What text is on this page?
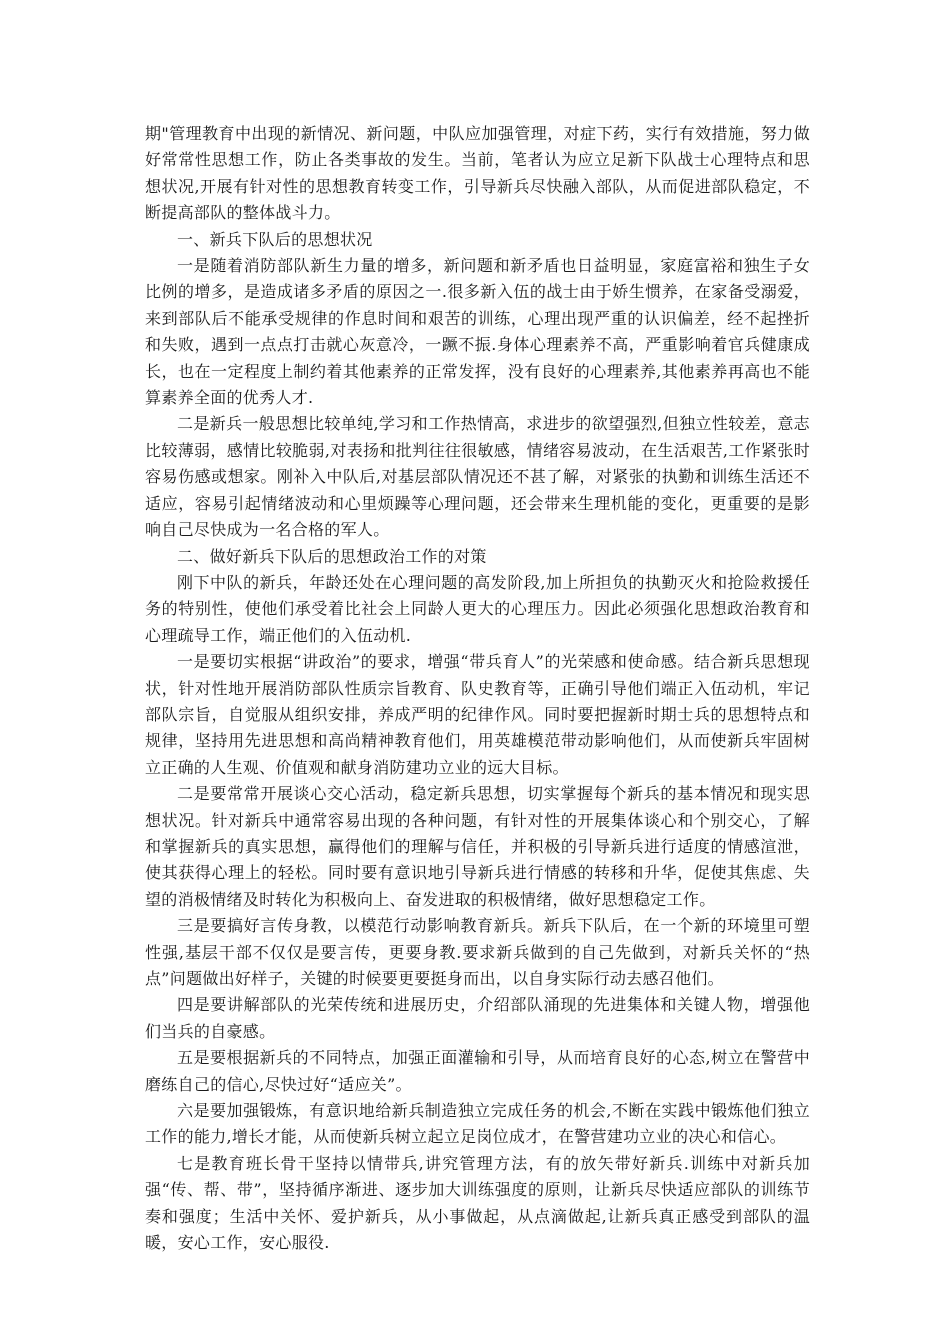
期"管理教育中出现的新情况、新问题，中队应加强管理，对症下药，实行有效措施，努力做好常常性思想工作，防止各类事故的发生。当前，笔者认为应立足新下队战士心理特点和思想状况,开展有针对性的思想教育转变工作，引导新兵尽快融入部队，从而促进部队稳定，不断提高部队的整体战斗力。

一、新兵下队后的思想状况

一是随着消防部队新生力量的增多，新问题和新矛盾也日益明显，家庭富裕和独生子女比例的增多，是造成诸多矛盾的原因之一.很多新入伍的战士由于娇生惯养，在家备受溺爱，来到部队后不能承受规律的作息时间和艰苦的训练，心理出现严重的认识偏差，经不起挫折和失败，遇到一点点打击就心灰意冷，一蹶不振.身体心理素养不高，严重影响着官兵健康成长，也在一定程度上制约着其他素养的正常发挥，没有良好的心理素养,其他素养再高也不能算素养全面的优秀人才.

二是新兵一般思想比较单纯,学习和工作热情高，求进步的欲望强烈,但独立性较差，意志比较薄弱，感情比较脆弱,对表扬和批判往往很敏感，情绪容易波动，在生活艰苦,工作紧张时容易伤感或想家。刚补入中队后,对基层部队情况还不甚了解，对紧张的执勤和训练生活还不适应，容易引起情绪波动和心里烦躁等心理问题，还会带来生理机能的变化，更重要的是影响自己尽快成为一名合格的军人。

二、做好新兵下队后的思想政治工作的对策

刚下中队的新兵，年龄还处在心理问题的高发阶段,加上所担负的执勤灭火和抢险救援任务的特别性，使他们承受着比社会上同龄人更大的心理压力。因此必须强化思想政治教育和心理疏导工作，端正他们的入伍动机.

一是要切实根据“讲政治”的要求，增强“带兵育人”的光荣感和使命感。结合新兵思想现状，针对性地开展消防部队性质宗旨教育、队史教育等，正确引导他们端正入伍动机，牢记部队宗旨，自觉服从组织安排，养成严明的纪律作风。同时要把握新时期士兵的思想特点和规律，坚持用先进思想和高尚精神教育他们，用英雄模范带动影响他们，从而使新兵牢固树立正确的人生观、价值观和献身消防建功立业的远大目标。

二是要常常开展谈心交心活动，稳定新兵思想，切实掌握每个新兵的基本情况和现实思想状况。针对新兵中通常容易出现的各种问题，有针对性的开展集体谈心和个别交心，了解和掌握新兵的真实思想，赢得他们的理解与信任，并积极的引导新兵进行适度的情感渲泄，使其获得心理上的轻松。同时要有意识地引导新兵进行情感的转移和升华，促使其焦虑、失望的消极情绪及时转化为积极向上、奋发进取的积极情绪，做好思想稳定工作。

三是要搞好言传身教，以模范行动影响教育新兵。新兵下队后，在一个新的环境里可塑性强,基层干部不仅仅是要言传，更要身教.要求新兵做到的自己先做到，对新兵关怀的“热点”问题做出好样子，关键的时候要更要挺身而出，以自身实际行动去感召他们。

四是要讲解部队的光荣传统和进展历史，介绍部队涌现的先进集体和关键人物，增强他们当兵的自豪感。

五是要根据新兵的不同特点，加强正面灌输和引导，从而培育良好的心态,树立在警营中磨练自己的信心,尽快过好“适应关”。

六是要加强锻炼，有意识地给新兵制造独立完成任务的机会,不断在实践中锻炼他们独立工作的能力,增长才能，从而使新兵树立起立足岗位成才，在警营建功立业的决心和信心。

七是教育班长骨干坚持以情带兵,讲究管理方法，有的放矢带好新兵.训练中对新兵加强“传、帮、带”，坚持循序渐进、逐步加大训练强度的原则，让新兵尽快适应部队的训练节奏和强度；生活中关怀、爱护新兵，从小事做起，从点滴做起,让新兵真正感受到部队的温暖，安心工作，安心服役.
